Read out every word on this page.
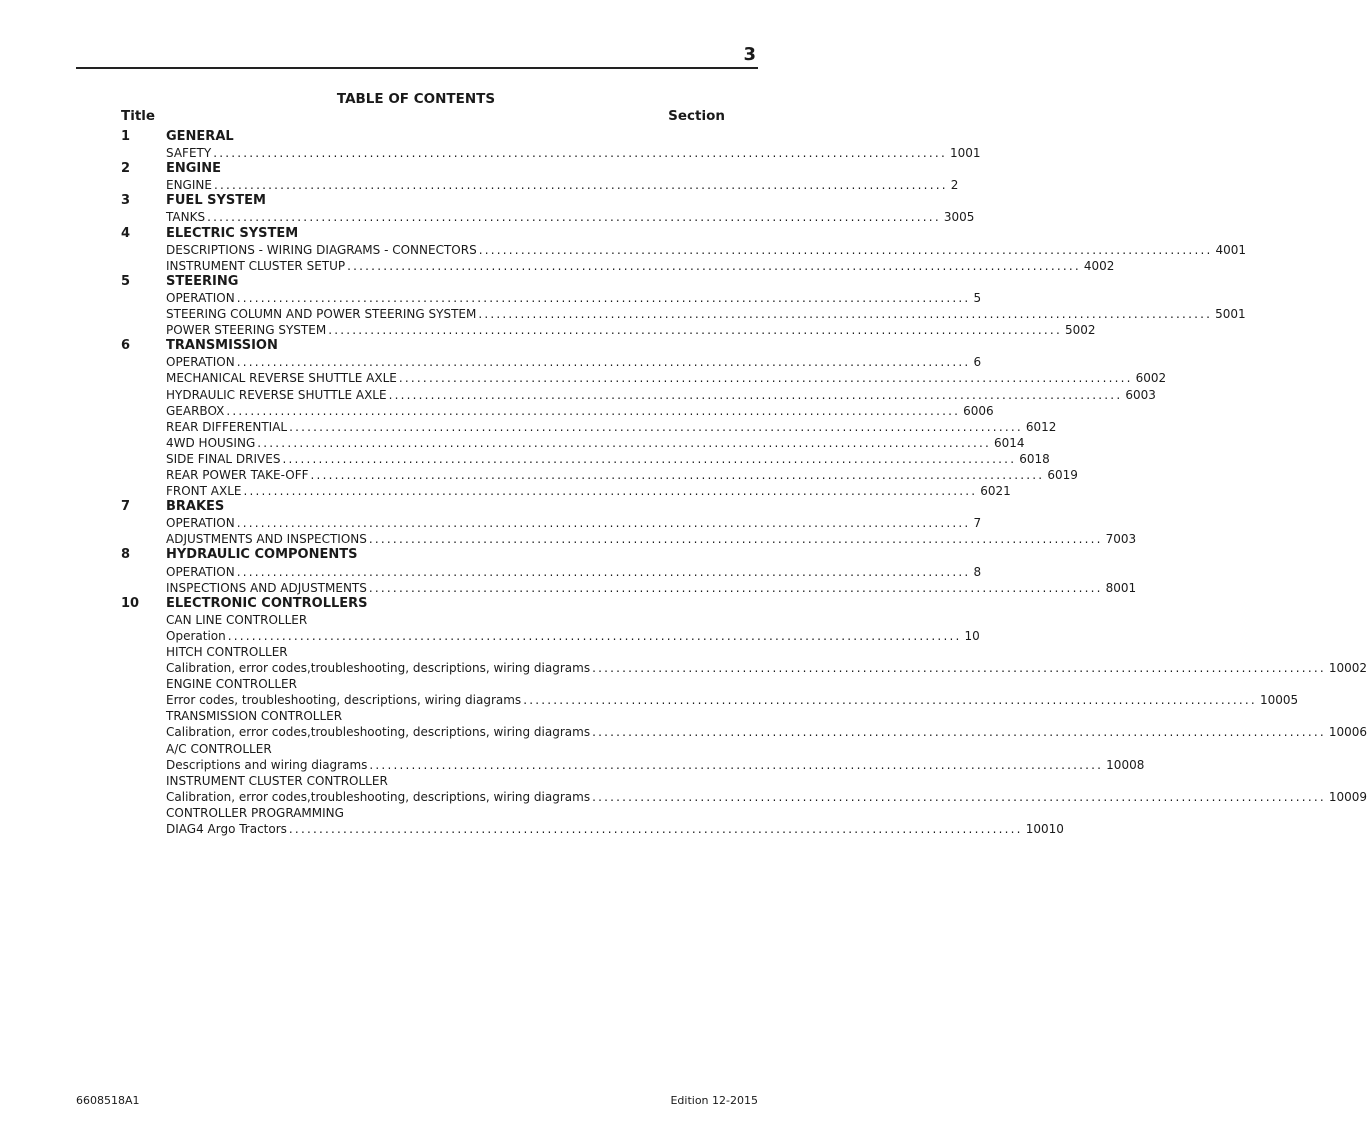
3
TABLE OF CONTENTS
Title	Section
1	GENERAL
SAFETY .......................................................................................................................... 1001
2	ENGINE
ENGINE .......................................................................................................................... 2
3	FUEL SYSTEM
TANKS .......................................................................................................................... 3005
4	ELECTRIC SYSTEM
DESCRIPTIONS - WIRING DIAGRAMS - CONNECTORS .......................................................................................................................... 4001
INSTRUMENT CLUSTER SETUP .......................................................................................................................... 4002
5	STEERING
OPERATION .......................................................................................................................... 5
STEERING COLUMN AND POWER STEERING SYSTEM .......................................................................................................................... 5001
POWER STEERING SYSTEM .......................................................................................................................... 5002
6	TRANSMISSION
OPERATION .......................................................................................................................... 6
MECHANICAL REVERSE SHUTTLE AXLE .......................................................................................................................... 6002
HYDRAULIC REVERSE SHUTTLE AXLE .......................................................................................................................... 6003
GEARBOX .......................................................................................................................... 6006
REAR DIFFERENTIAL .......................................................................................................................... 6012
4WD HOUSING .......................................................................................................................... 6014
SIDE FINAL DRIVES .......................................................................................................................... 6018
REAR POWER TAKE-OFF .......................................................................................................................... 6019
FRONT AXLE .......................................................................................................................... 6021
7	BRAKES
OPERATION .......................................................................................................................... 7
ADJUSTMENTS AND INSPECTIONS .......................................................................................................................... 7003
8	HYDRAULIC COMPONENTS
OPERATION .......................................................................................................................... 8
INSPECTIONS AND ADJUSTMENTS .......................................................................................................................... 8001
10 ELECTRONIC CONTROLLERS
CAN LINE CONTROLLER
Operation .......................................................................................................................... 10
HITCH CONTROLLER
Calibration, error codes,troubleshooting, descriptions, wiring diagrams .......................................................................................................................... 10002
ENGINE CONTROLLER
Error codes, troubleshooting, descriptions, wiring diagrams .......................................................................................................................... 10005
TRANSMISSION CONTROLLER
Calibration, error codes,troubleshooting, descriptions, wiring diagrams .......................................................................................................................... 10006
A/C CONTROLLER
Descriptions and wiring diagrams .......................................................................................................................... 10008
INSTRUMENT CLUSTER CONTROLLER
Calibration, error codes,troubleshooting, descriptions, wiring diagrams .......................................................................................................................... 10009
CONTROLLER PROGRAMMING
DIAG4 Argo Tractors .......................................................................................................................... 10010
6608518A1	Edition 12-2015
